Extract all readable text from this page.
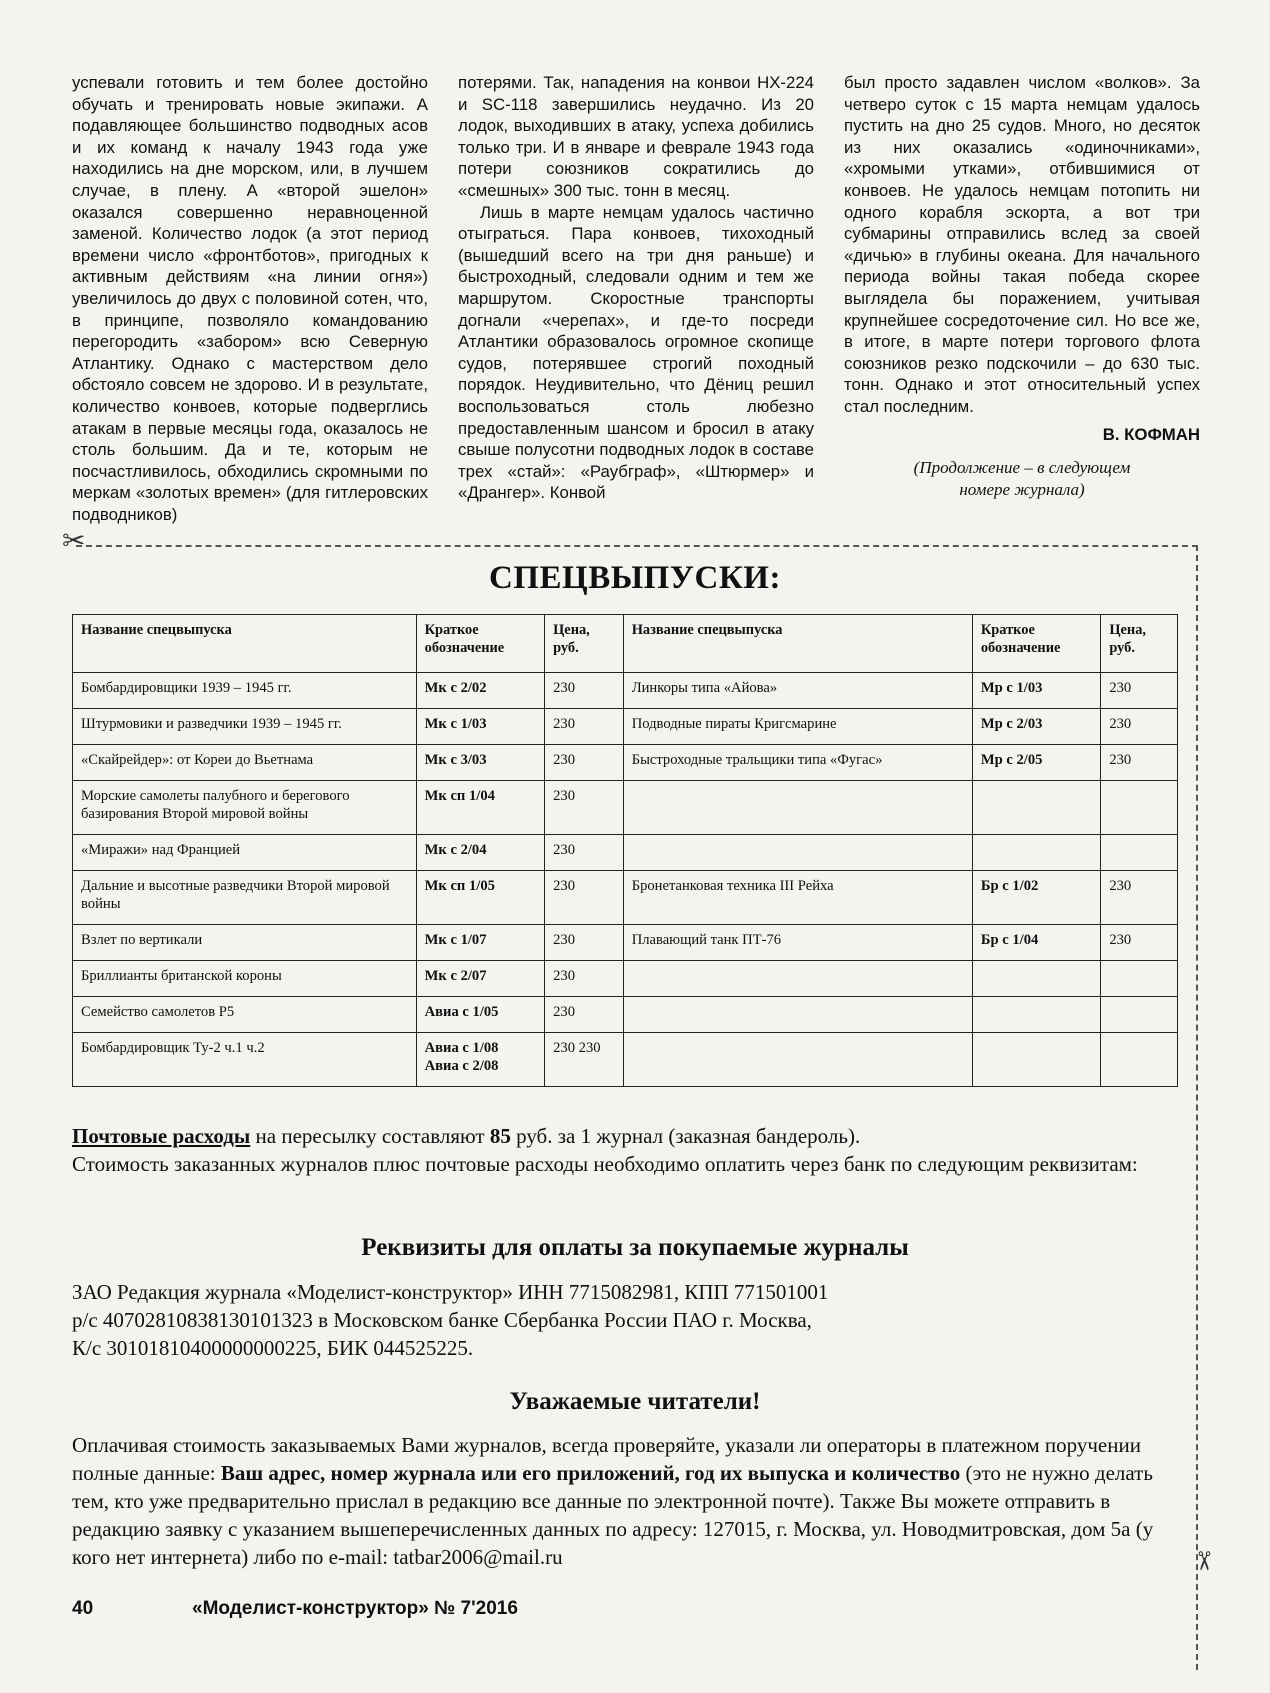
успевали готовить и тем более достойно обучать и тренировать новые экипажи. А подавляющее большинство подводных асов и их команд к началу 1943 года уже находились на дне морском, или, в лучшем случае, в плену. А «второй эшелон» оказался совершенно неравноценной заменой. Количество лодок (а этот период времени число «фронтботов», пригодных к активным действиям «на линии огня») увеличилось до двух с половиной сотен, что, в принципе, позволяло командованию перегородить «забором» всю Северную Атлантику. Однако с мастерством дело обстояло совсем не здорово. И в результате, количество конвоев, которые подверглись атакам в первые месяцы года, оказалось не столь большим. Да и те, которым не посчастливилось, обходились скромными по меркам «золотых времен» (для гитлеровских подводников)

потерями. Так, нападения на конвои НХ-224 и SC-118 завершились неудачно. Из 20 лодок, выходивших в атаку, успеха добились только три. И в январе и феврале 1943 года потери союзников сократились до «смешных» 300 тыс. тонн в месяц.

Лишь в марте немцам удалось частично отыграться. Пара конвоев, тихоходный (вышедший всего на три дня раньше) и быстроходный, следовали одним и тем же маршрутом. Скоростные транспорты догнали «черепах», и где-то посреди Атлантики образовалось огромное скопище судов, потерявшее строгий походный порядок. Неудивительно, что Дёниц решил воспользоваться столь любезно предоставленным шансом и бросил в атаку свыше полусотни подводных лодок в составе трех «стай»: «Раубграф», «Штюрмер» и «Дрангер». Конвой

был просто задавлен числом «волков». За четверо суток с 15 марта немцам удалось пустить на дно 25 судов. Много, но десяток из них оказались «одиночниками», «хромыми утками», отбившимися от конвоев. Не удалось немцам потопить ни одного корабля эскорта, а вот три субмарины отправились вслед за своей «дичью» в глубины океана. Для начального периода войны такая победа скорее выглядела бы поражением, учитывая крупнейшее сосредоточение сил. Но все же, в итоге, в марте потери торгового флота союзников резко подскочили – до 630 тыс. тонн. Однако и этот относительный успех стал последним.

В. КОФМАН
(Продолжение – в следующем
номере журнала)
✂
✂
СПЕЦВЫПУСКИ:
Название спецвыпуска	Краткое обозначение	Цена, руб.	Название спецвыпуска	Краткое обозначение	Цена, руб.
Бомбардировщики 1939 – 1945 гг.	Мк с 2/02	230	Линкоры типа «Айова»	Мр с 1/03	230
Штурмовики и разведчики 1939 – 1945 гг.	Мк с 1/03	230	Подводные пираты Кригсмарине	Мр с 2/03	230
«Скайрейдер»: от Кореи до Вьетнама	Мк с 3/03	230	Быстроходные тральщики типа «Фугас»	Мр с 2/05	230
Морские самолеты палубного и берегового базирования Второй мировой войны	Мк сп 1/04	230			
«Миражи» над Францией	Мк с 2/04	230			
Дальние и высотные разведчики Второй мировой войны	Мк сп 1/05	230	Бронетанковая техника III Рейха	Бр с 1/02	230
Взлет по вертикали	Мк с 1/07	230	Плавающий танк ПТ-76	Бр с 1/04	230
Бриллианты британской короны	Мк с 2/07	230			
Семейство самолетов Р5	Авиа с 1/05	230			
Бомбардировщик Ту-2 ч.1 ч.2	Авиа с 1/08 Авиа с 2/08	230 230			
Почтовые расходы на пересылку составляют 85 руб. за 1 журнал (заказная бандероль).
Стоимость заказанных журналов плюс почтовые расходы необходимо оплатить через банк по следующим реквизитам:
Реквизиты для оплаты за покупаемые журналы
ЗАО Редакция журнала «Моделист-конструктор» ИНН 7715082981, КПП 771501001
р/с 40702810838130101323 в Московском банке Сбербанка России ПАО г. Москва,
К/с 30101810400000000225, БИК 044525225.
Уважаемые читатели!
Оплачивая стоимость заказываемых Вами журналов, всегда проверяйте, указали ли операторы в платежном поручении полные данные: Ваш адрес, номер журнала или его приложений, год их выпуска и количество (это не нужно делать тем, кто уже предварительно прислал в редакцию все данные по электронной почте). Также Вы можете отправить в редакцию заявку с указанием вышеперечисленных данных по адресу: 127015, г. Москва, ул. Новодмитровская, дом 5а (у кого нет интернета) либо по e-mail: tatbar2006@mail.ru
40	«Моделист-конструктор» № 7'2016
